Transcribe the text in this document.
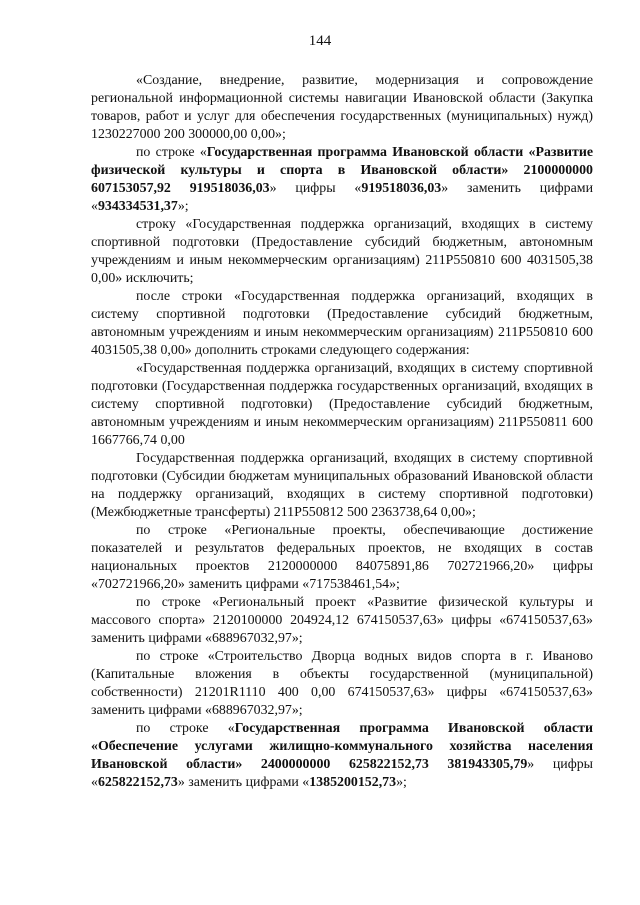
144

«Создание, внедрение, развитие, модернизация и сопровождение региональной информационной системы навигации Ивановской области (Закупка товаров, работ и услуг для обеспечения государственных (муниципальных) нужд) 1230227000 200 300000,00 0,00»;

по строке «Государственная программа Ивановской области «Развитие физической культуры и спорта в Ивановской области» 2100000000 607153057,92 919518036,03» цифры «919518036,03» заменить цифрами «934334531,37»;

строку «Государственная поддержка организаций, входящих в систему спортивной подготовки (Предоставление субсидий бюджетным, автономным учреждениям и иным некоммерческим организациям) 211P550810 600 4031505,38 0,00» исключить;

после строки «Государственная поддержка организаций, входящих в систему спортивной подготовки (Предоставление субсидий бюджетным, автономным учреждениям и иным некоммерческим организациям) 211P550810 600 4031505,38 0,00» дополнить строками следующего содержания:

«Государственная поддержка организаций, входящих в систему спортивной подготовки (Государственная поддержка государственных организаций, входящих в систему спортивной подготовки) (Предоставление субсидий бюджетным, автономным учреждениям и иным некоммерческим организациям) 211P550811 600 1667766,74 0,00

Государственная поддержка организаций, входящих в систему спортивной подготовки (Субсидии бюджетам муниципальных образований Ивановской области на поддержку организаций, входящих в систему спортивной подготовки) (Межбюджетные трансферты) 211P550812 500 2363738,64 0,00»;

по строке «Региональные проекты, обеспечивающие достижение показателей и результатов федеральных проектов, не входящих в состав национальных проектов 2120000000 84075891,86 702721966,20» цифры «702721966,20» заменить цифрами «717538461,54»;

по строке «Региональный проект «Развитие физической культуры и массового спорта» 2120100000 204924,12 674150537,63» цифры «674150537,63» заменить цифрами «688967032,97»;

по строке «Строительство Дворца водных видов спорта в г. Иваново (Капитальные вложения в объекты государственной (муниципальной) собственности) 21201R1110 400 0,00 674150537,63» цифры «674150537,63» заменить цифрами «688967032,97»;

по строке «Государственная программа Ивановской области «Обеспечение услугами жилищно-коммунального хозяйства населения Ивановской области» 2400000000 625822152,73 381943305,79» цифры «625822152,73» заменить цифрами «1385200152,73»;
